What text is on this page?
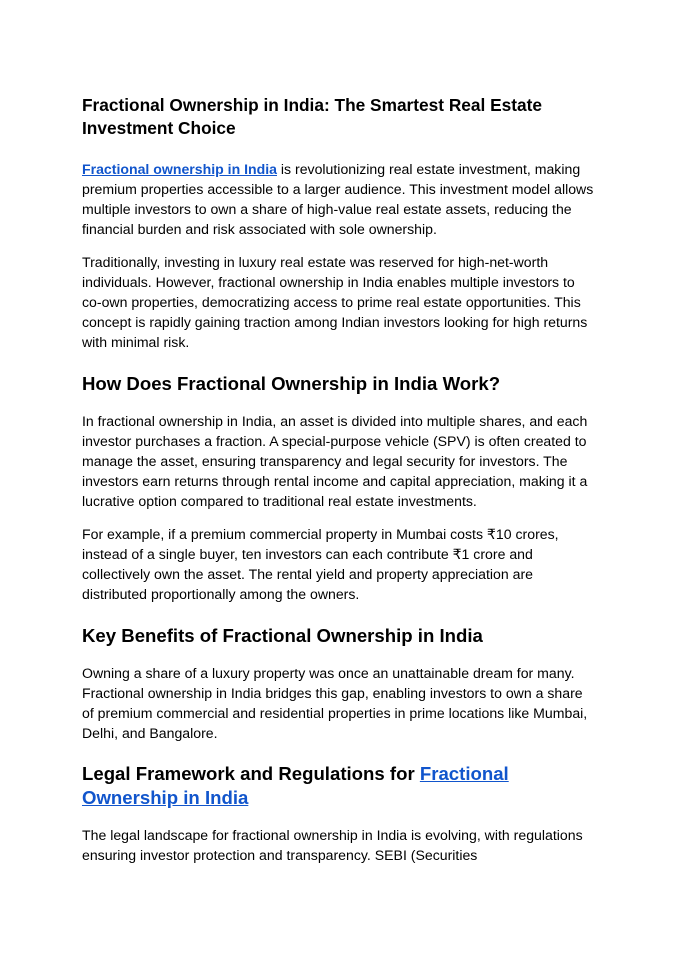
Fractional Ownership in India: The Smartest Real Estate Investment Choice

Fractional ownership in India is revolutionizing real estate investment, making premium properties accessible to a larger audience. This investment model allows multiple investors to own a share of high-value real estate assets, reducing the financial burden and risk associated with sole ownership.

Traditionally, investing in luxury real estate was reserved for high-net-worth individuals. However, fractional ownership in India enables multiple investors to co-own properties, democratizing access to prime real estate opportunities. This concept is rapidly gaining traction among Indian investors looking for high returns with minimal risk.

How Does Fractional Ownership in India Work?

In fractional ownership in India, an asset is divided into multiple shares, and each investor purchases a fraction. A special-purpose vehicle (SPV) is often created to manage the asset, ensuring transparency and legal security for investors. The investors earn returns through rental income and capital appreciation, making it a lucrative option compared to traditional real estate investments.

For example, if a premium commercial property in Mumbai costs ₹10 crores, instead of a single buyer, ten investors can each contribute ₹1 crore and collectively own the asset. The rental yield and property appreciation are distributed proportionally among the owners.

Key Benefits of Fractional Ownership in India

Owning a share of a luxury property was once an unattainable dream for many. Fractional ownership in India bridges this gap, enabling investors to own a share of premium commercial and residential properties in prime locations like Mumbai, Delhi, and Bangalore.

Legal Framework and Regulations for Fractional Ownership in India

The legal landscape for fractional ownership in India is evolving, with regulations ensuring investor protection and transparency. SEBI (Securities
